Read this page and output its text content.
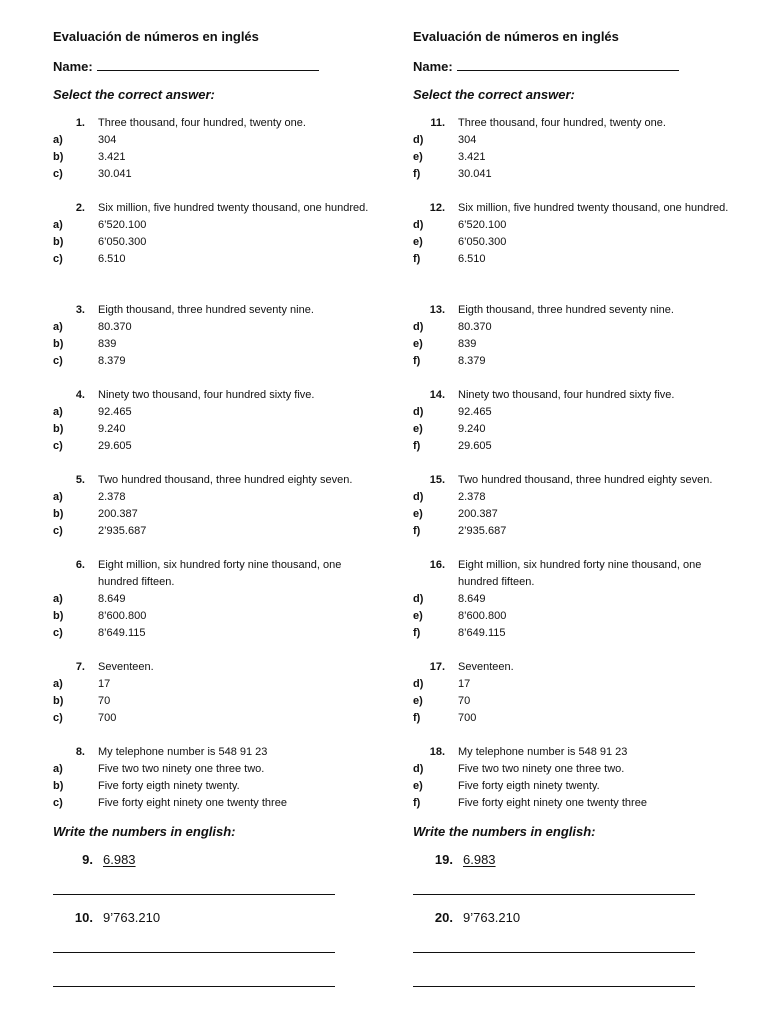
Evaluación de números en inglés
Name:
Select the correct answer:
1.	Three thousand, four hundred, twenty one.
a)	304
b)	3.421
c)	30.041
2.	Six million, five hundred twenty thousand, one hundred.
a)	6’520.100
b)	6’050.300
c)	6.510
3.	Eigth thousand, three hundred seventy nine.
a)	80.370
b)	839
c)	8.379
4.	Ninety two thousand, four hundred sixty five.
a)	92.465
b)	9.240
c)	29.605
5.	Two hundred thousand, three hundred eighty seven.
a)	2.378
b)	200.387
c)	2’935.687
6.	Eight million, six hundred forty nine thousand, one hundred fifteen.
a)	8.649
b)	8’600.800
c)	8’649.115
7.	Seventeen.
a)	17
b)	70
c)	700
8.	My telephone number is 548 91 23
a)	Five two two ninety one three two.
b)	Five forty eigth ninety twenty.
c)	Five forty eight ninety one twenty three
Write the numbers in english:
9. 6.983
10. 9’763.210
Evaluación de números en inglés
Name:
Select the correct answer:
11.	Three thousand, four hundred, twenty one.
d)	304
e)	3.421
f)	30.041
12.	Six million, five hundred twenty thousand, one hundred.
d)	6’520.100
e)	6’050.300
f)	6.510
13.	Eigth thousand, three hundred seventy nine.
d)	80.370
e)	839
f)	8.379
14.	Ninety two thousand, four hundred sixty five.
d)	92.465
e)	9.240
f)	29.605
15.	Two hundred thousand, three hundred eighty seven.
d)	2.378
e)	200.387
f)	2’935.687
16.	Eight million, six hundred forty nine thousand, one hundred fifteen.
d)	8.649
e)	8’600.800
f)	8’649.115
17.	Seventeen.
d)	17
e)	70
f)	700
18.	My telephone number is 548 91 23
d)	Five two two ninety one three two.
e)	Five forty eigth ninety twenty.
f)	Five forty eight ninety one twenty three
Write the numbers in english:
19. 6.983
20. 9’763.210
